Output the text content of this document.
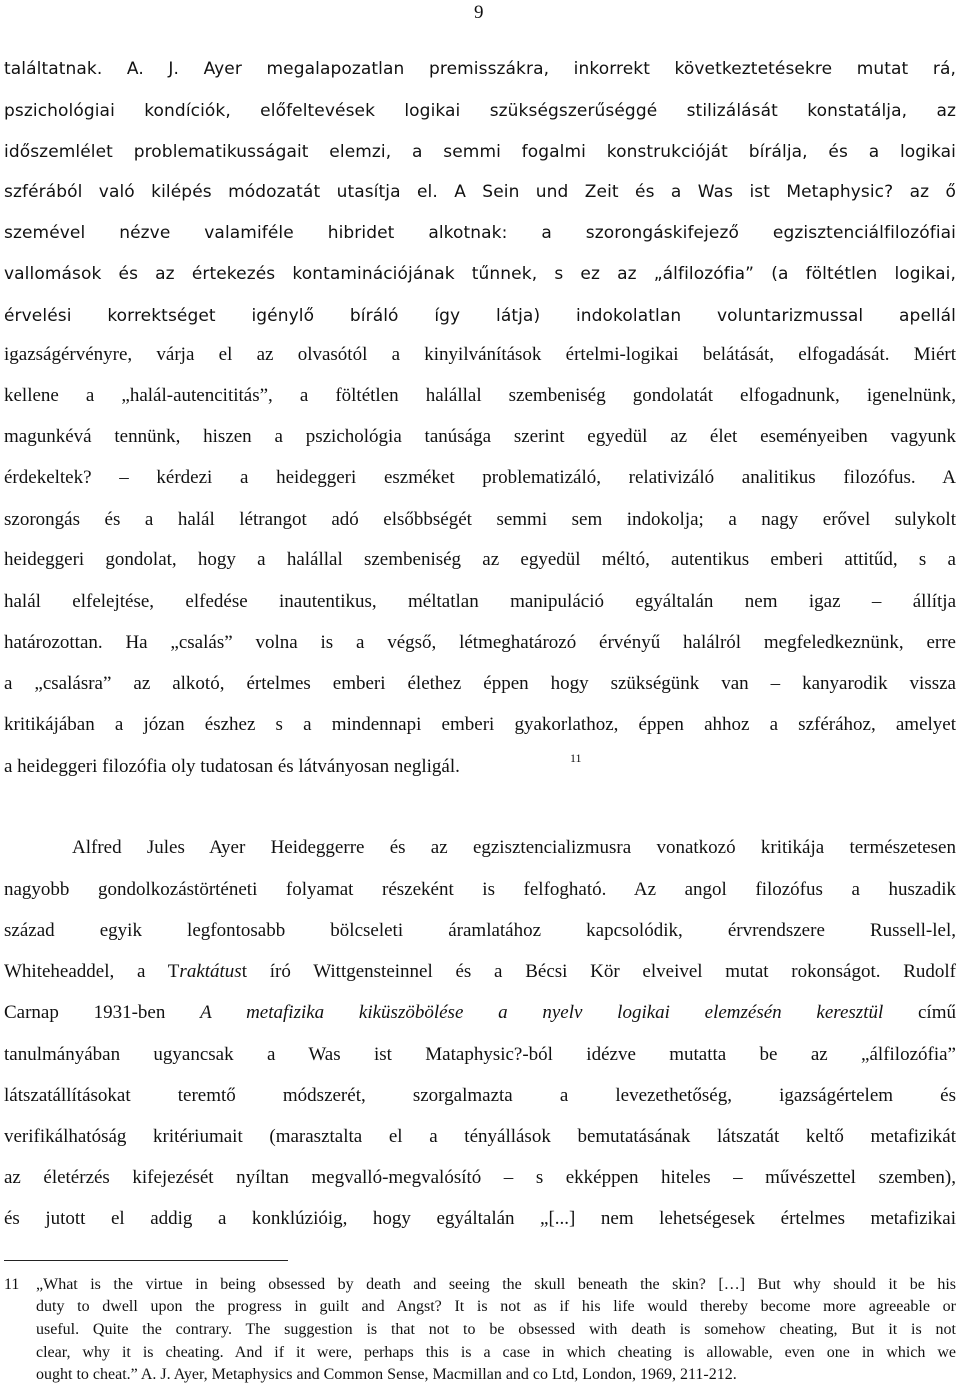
9
találtatnak. A. J. Ayer megalapozatlan premisszákra, inkorrekt következtetésekre mutat rá,
pszichológiai kondíciók, előfeltevések logikai szükségszerűséggé stilizálását konstatálja, az
időszemlélet problematikusságait elemzi, a semmi fogalmi konstrukcióját bírálja, és a logikai
szférából való kilépés módozatát utasítja el. A Sein und Zeit és a Was ist Metaphysic? az ő
szemével nézve valamiféle hibridet alkotnak: a szorongáskifejező egzisztenciálfilozófiai
vallomások és az értekezés kontaminációjának tűnnek, s ez az „álfilozófia” (a föltétlen logikai,
érvelési korrektséget igénylő bíráló így látja) indokolatlan voluntarizmussal apellál
igazságérvényre, várja el az olvasótól a kinyilvánítások értelmi-logikai belátását, elfogadását. Miért
kellene a „halál-autencititás”, a föltétlen halállal szembeniség gondolatát elfogadnunk, igenelnünk,
magunkévá tennünk, hiszen a pszichológia tanúsága szerint egyedül az élet eseményeiben vagyunk
érdekeltek? – kérdezi a heideggeri eszméket problematizáló, relativizáló analitikus filozófus. A
szorongás és a halál létrangot adó elsőbbségét semmi sem indokolja; a nagy erővel sulykolt
heideggeri gondolat, hogy a halállal szembeniség az egyedül méltó, autentikus emberi attitűd, s a
halál elfelejtése, elfedése inautentikus, méltatlan manipuláció egyáltalán nem igaz – állítja
határozottan. Ha „csalás” volna is a végső, létmeghatározó érvényű halálról megfeledkeznünk, erre
a „csalásra” az alkotó, értelmes emberi élethez éppen hogy szükségünk van – kanyarodik vissza
kritikájában a józan észhez s a mindennapi emberi gyakorlathoz, éppen ahhoz a szférához, amelyet
a heideggeri filozófia oly tudatosan és látványosan negligál.	11
Alfred Jules Ayer Heideggerre és az egzisztencializmusra vonatkozó kritikája természetesen
nagyobb gondolkozástörténeti folyamat részeként is felfogható. Az angol filozófus a huszadik
század egyik legfontosabb bölcseleti áramlatához kapcsolódik, érvrendszere Russell-lel,
Whiteheaddel, a Traktátust író Wittgensteinnel és a Bécsi Kör elveivel mutat rokonságot. Rudolf
Carnap 1931-ben A metafizika kiküszöbölése a nyelv logikai elemzésén keresztül című
tanulmányában ugyancsak a Was ist Mataphysic?-ból idézve mutatta be az „álfilozófia”
látszatállításokat teremtő módszerét, szorgalmazta a levezethetőség, igazságértelem és
verifikálhatóság kritériumait (marasztalta el a tényállások bemutatásának látszatát keltő metafizikát
az életérzés kifejezését nyíltan megvalló-megvalósító – s ekképpen hiteles – művészettel szemben),
és jutott el addig a konklúzióig, hogy egyáltalán „[...] nem lehetségesek értelmes metafizikai
11 „What is the virtue in being obsessed by death and seeing the skull beneath the skin? […] But why should it be his
duty to dwell upon the progress in guilt and Angst? It is not as if his life would thereby become more agreeable or
useful. Quite the contrary. The suggestion is that not to be obsessed with death is somehow cheating, But it is not
clear, why it is cheating. And if it were, perhaps this is a case in which cheating is allowable, even one in which we
ought to cheat.” A. J. Ayer, Metaphysics and Common Sense, Macmillan and co Ltd, London, 1969, 211-212.
